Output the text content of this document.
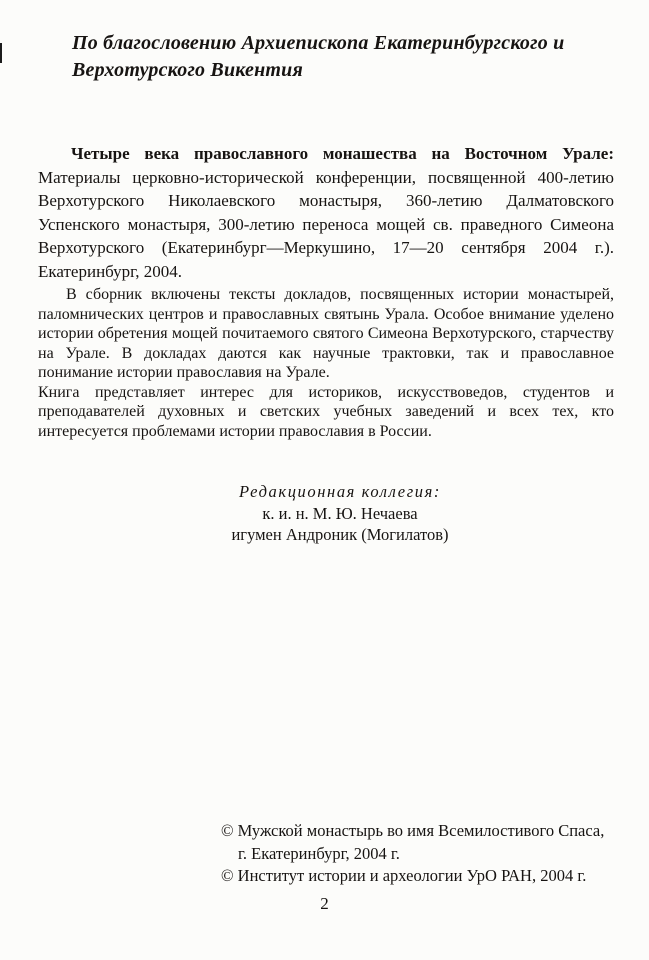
По благословению Архиепископа Екатеринбургского и
Верхотурского Викентия

Четыре века православного монашества на Восточном Урале: Материалы церковно-исторической конференции, посвященной 400-летию Верхотурского Николаевского монастыря, 360-летию Далматовского Успенского монастыря, 300-летию переноса мощей св. праведного Симеона Верхотурского (Екатеринбург—Меркушино, 17—20 сентября 2004 г.). Екатеринбург, 2004.

В сборник включены тексты докладов, посвященных истории монастырей, паломнических центров и православных святынь Урала. Особое внимание уделено истории обретения мощей почитаемого святого Симеона Верхотурского, старчеству на Урале. В докладах даются как научные трактовки, так и православное понимание истории православия на Урале.

Книга представляет интерес для историков, искусствоведов, студентов и преподавателей духовных и светских учебных заведений и всех тех, кто интересуется проблемами истории православия в России.

Редакционная коллегия:
к. и. н. М. Ю. Нечаева
игумен Андроник (Могилатов)
© Мужской монастырь во имя Всемилостивого Спаса,
г. Екатеринбург, 2004 г.
© Институт истории и археологии УрО РАН, 2004 г.
2
